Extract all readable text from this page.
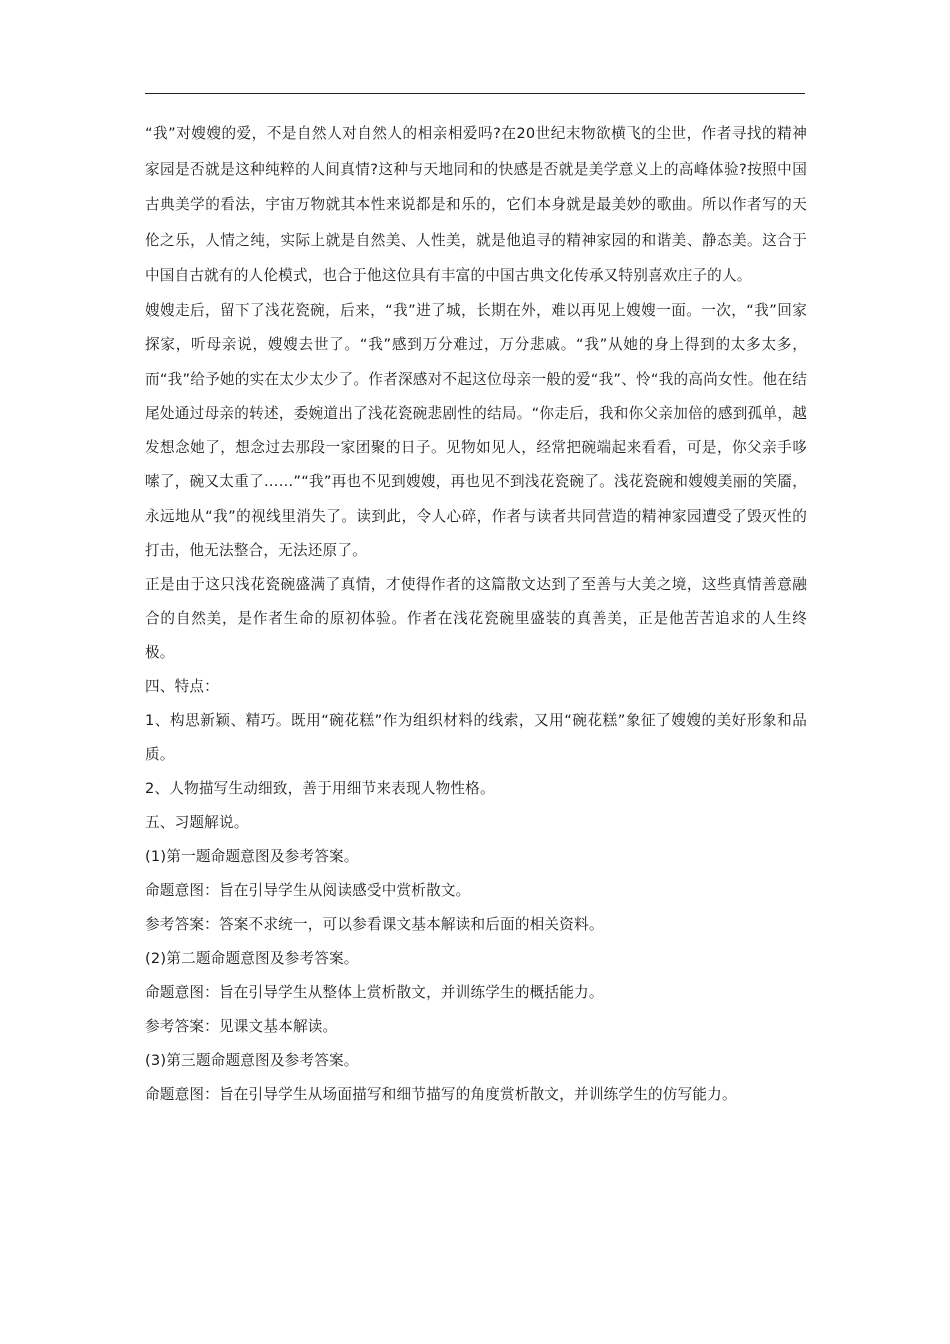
“我”对嫂嫂的爱，不是自然人对自然人的相亲相爱吗?在20世纪末物欲横飞的尘世，作者寻找的精神家园是否就是这种纯粹的人间真情?这种与天地同和的快感是否就是美学意义上的高峰体验?按照中国古典美学的看法，宇宙万物就其本性来说都是和乐的，它们本身就是最美妙的歌曲。所以作者写的天伦之乐，人情之纯，实际上就是自然美、人性美，就是他追寻的精神家园的和谐美、静态美。这合于中国自古就有的人伦模式，也合于他这位具有丰富的中国古典文化传承又特别喜欢庄子的人。

嫂嫂走后，留下了浅花瓷碗，后来，“我”进了城，长期在外，难以再见上嫂嫂一面。一次，“我”回家探家，听母亲说，嫂嫂去世了。“我”感到万分难过，万分悲戚。“我”从她的身上得到的太多太多，而“我”给予她的实在太少太少了。作者深感对不起这位母亲一般的爱“我”、怜“我的高尚女性。他在结尾处通过母亲的转述，委婉道出了浅花瓷碗悲剧性的结局。“你走后，我和你父亲加倍的感到孤单，越发想念她了，想念过去那段一家团聚的日子。见物如见人，经常把碗端起来看看，可是，你父亲手哆嗦了，碗又太重了……”“我”再也不见到嫂嫂，再也见不到浅花瓷碗了。浅花瓷碗和嫂嫂美丽的笑靥，永远地从“我”的视线里消失了。读到此，令人心碎，作者与读者共同营造的精神家园遭受了毁灭性的打击，他无法整合，无法还原了。

正是由于这只浅花瓷碗盛满了真情，才使得作者的这篇散文达到了至善与大美之境，这些真情善意融合的自然美，是作者生命的原初体验。作者在浅花瓷碗里盛装的真善美，正是他苦苦追求的人生终极。

四、特点：

1、构思新颖、精巧。既用“碗花糕”作为组织材料的线索，又用“碗花糕”象征了嫂嫂的美好形象和品质。

2、人物描写生动细致，善于用细节来表现人物性格。

五、习题解说。

(1)第一题命题意图及参考答案。

命题意图：旨在引导学生从阅读感受中赏析散文。

参考答案：答案不求统一，可以参看课文基本解读和后面的相关资料。

(2)第二题命题意图及参考答案。

命题意图：旨在引导学生从整体上赏析散文，并训练学生的概括能力。

参考答案：见课文基本解读。

(3)第三题命题意图及参考答案。

命题意图：旨在引导学生从场面描写和细节描写的角度赏析散文，并训练学生的仿写能力。
